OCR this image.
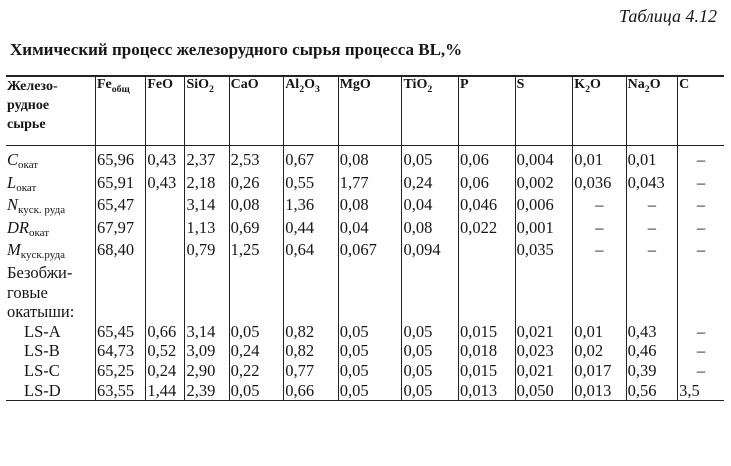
Таблица 4.12
Химический процесс железорудного сырья процесса BL,%
Железо-
рудное
сырье	$Fe_{общ}$	FeO	SiO$_2$	CaO	$Al_2O_3$	MgO	TiO$_2$	P	S	$K_2O$	$Na_2O$	C
Cокат	65,96	0,43	2,37	2,53	0,67	0,08	0,05	0,06	0,004	0,01	0,01	–
Lокат	65,91	0,43	2,18	0,26	0,55	1,77	0,24	0,06	0,002	0,036	0,043	–
Nкуск. руда	65,47		3,14	0,08	1,36	0,08	0,04	0,046	0,006	–	–	–
DRокат	67,97		1,13	0,69	0,44	0,04	0,08	0,022	0,001	–	–	–
Mкуск.руда	68,40		0,79	1,25	0,64	0,067	0,094		0,035	–	–	–
Безобжи-												
говые												
окатыши:												
LS-A	65,45	0,66	3,14	0,05	0,82	0,05	0,05	0,015	0,021	0,01	0,43	–
LS-B	64,73	0,52	3,09	0,24	0,82	0,05	0,05	0,018	0,023	0,02	0,46	–
LS-C	65,25	0,24	2,90	0,22	0,77	0,05	0,05	0,015	0,021	0,017	0,39	–
LS-D	63,55	1,44	2,39	0,05	0,66	0,05	0,05	0,013	0,050	0,013	0,56	3,5
